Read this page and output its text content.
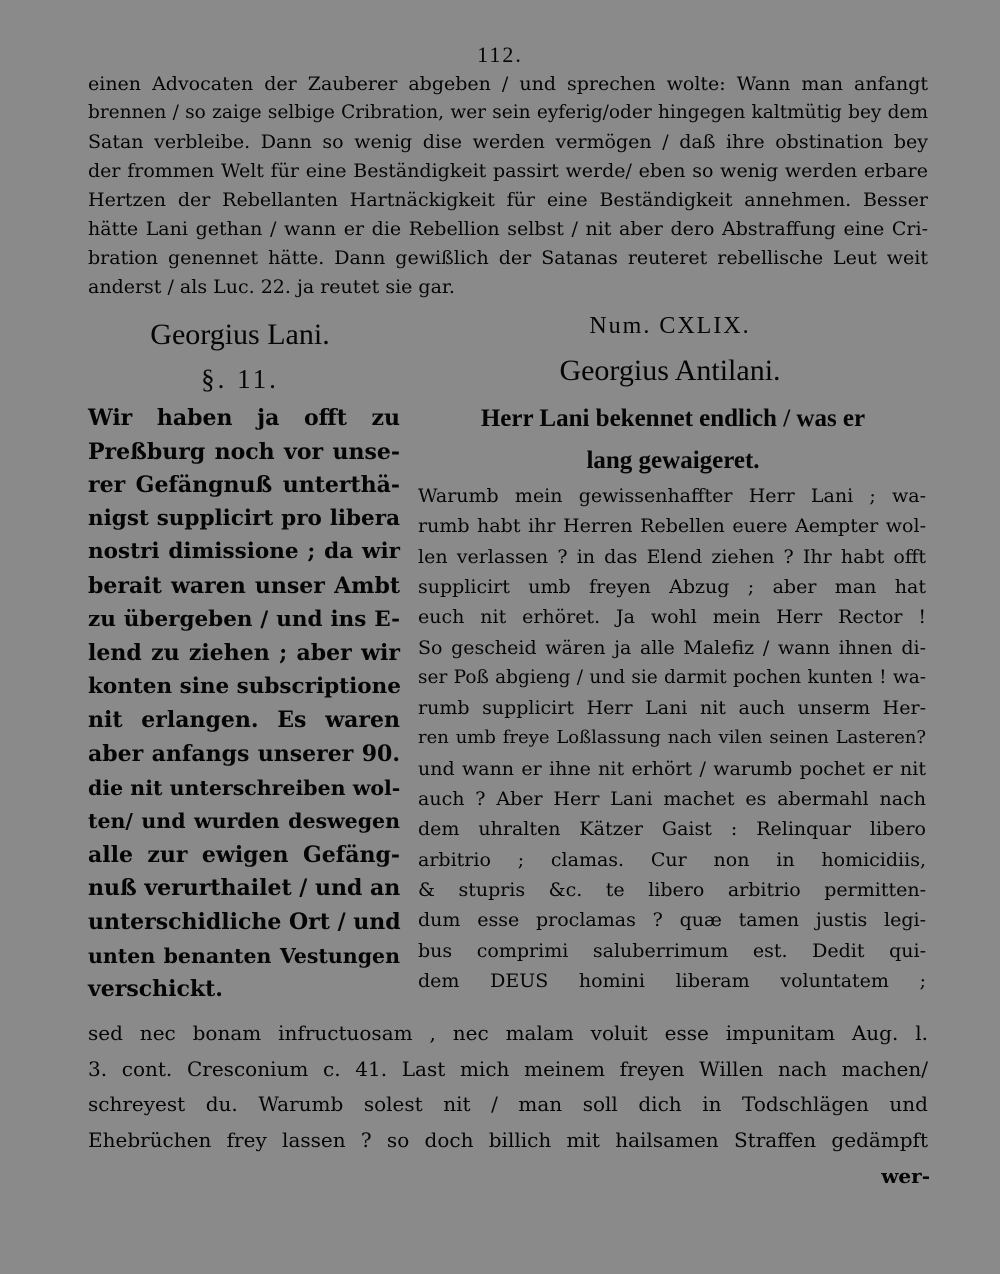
112.
einen Advocaten der Zauberer abgeben / und sprechen wolte: Wann man anfangt
brennen / so zaige selbige Cribration, wer sein eyferig/oder hingegen kaltmütig bey dem
Satan verbleibe. Dann so wenig dise werden vermögen / daß ihre obstination bey
der frommen Welt für eine Beständigkeit passirt werde/ eben so wenig werden erbare
Hertzen der Rebellanten Hartnäckigkeit für eine Beständigkeit annehmen. Besser
hätte Lani gethan / wann er die Rebellion selbst / nit aber dero Abstraffung eine Cri-
bration genennet hätte. Dann gewißlich der Satanas reuteret rebellische Leut weit
anderst / als Luc. 22. ja reutet sie gar.
Georgius Lani.
§. 11.
Wir haben ja offt zu
Preßburg noch vor unse-
rer Gefängnuß unterthä-
nigst supplicirt pro libera
nostri dimissione ; da wir
berait waren unser Ambt
zu übergeben / und ins E-
lend zu ziehen ; aber wir
konten sine subscriptione
nit erlangen. Es waren
aber anfangs unserer 90.
die nit unterschreiben wol-
ten/ und wurden deswegen
alle zur ewigen Gefäng-
nuß verurthailet / und an
unterschidliche Ort / und
unten benanten Vestungen
verschickt.
Num. CXLIX.
Georgius Antilani.
Herr Lani bekennet endlich / was er
lang gewaigeret.
Warumb mein gewissenhaffter Herr Lani ; wa-
rumb habt ihr Herren Rebellen euere Aempter wol-
len verlassen ? in das Elend ziehen ? Ihr habt offt
supplicirt umb freyen Abzug ; aber man hat
euch nit erhöret. Ja wohl mein Herr Rector !
So gescheid wären ja alle Malefiz / wann ihnen di-
ser Poß abgieng / und sie darmit pochen kunten ! wa-
rumb supplicirt Herr Lani nit auch unserm Her-
ren umb freye Loßlassung nach vilen seinen Lasteren?
und wann er ihne nit erhört / warumb pochet er nit
auch ? Aber Herr Lani machet es abermahl nach
dem uhralten Kätzer Gaist : Relinquar libero
arbitrio ; clamas. Cur non in homicidiis,
& stupris &c. te libero arbitrio permitten-
dum esse proclamas ? quæ tamen justis legi-
bus comprimi saluberrimum est. Dedit qui-
dem DEUS homini liberam voluntatem ;
sed nec bonam infructuosam , nec malam voluit esse impunitam Aug. l.
3. cont. Cresconium c. 41. Last mich meinem freyen Willen nach machen/
schreyest du. Warumb solest nit / man soll dich in Todschlägen und
Ehebrüchen frey lassen ? so doch billich mit hailsamen Straffen gedämpft
wer-
